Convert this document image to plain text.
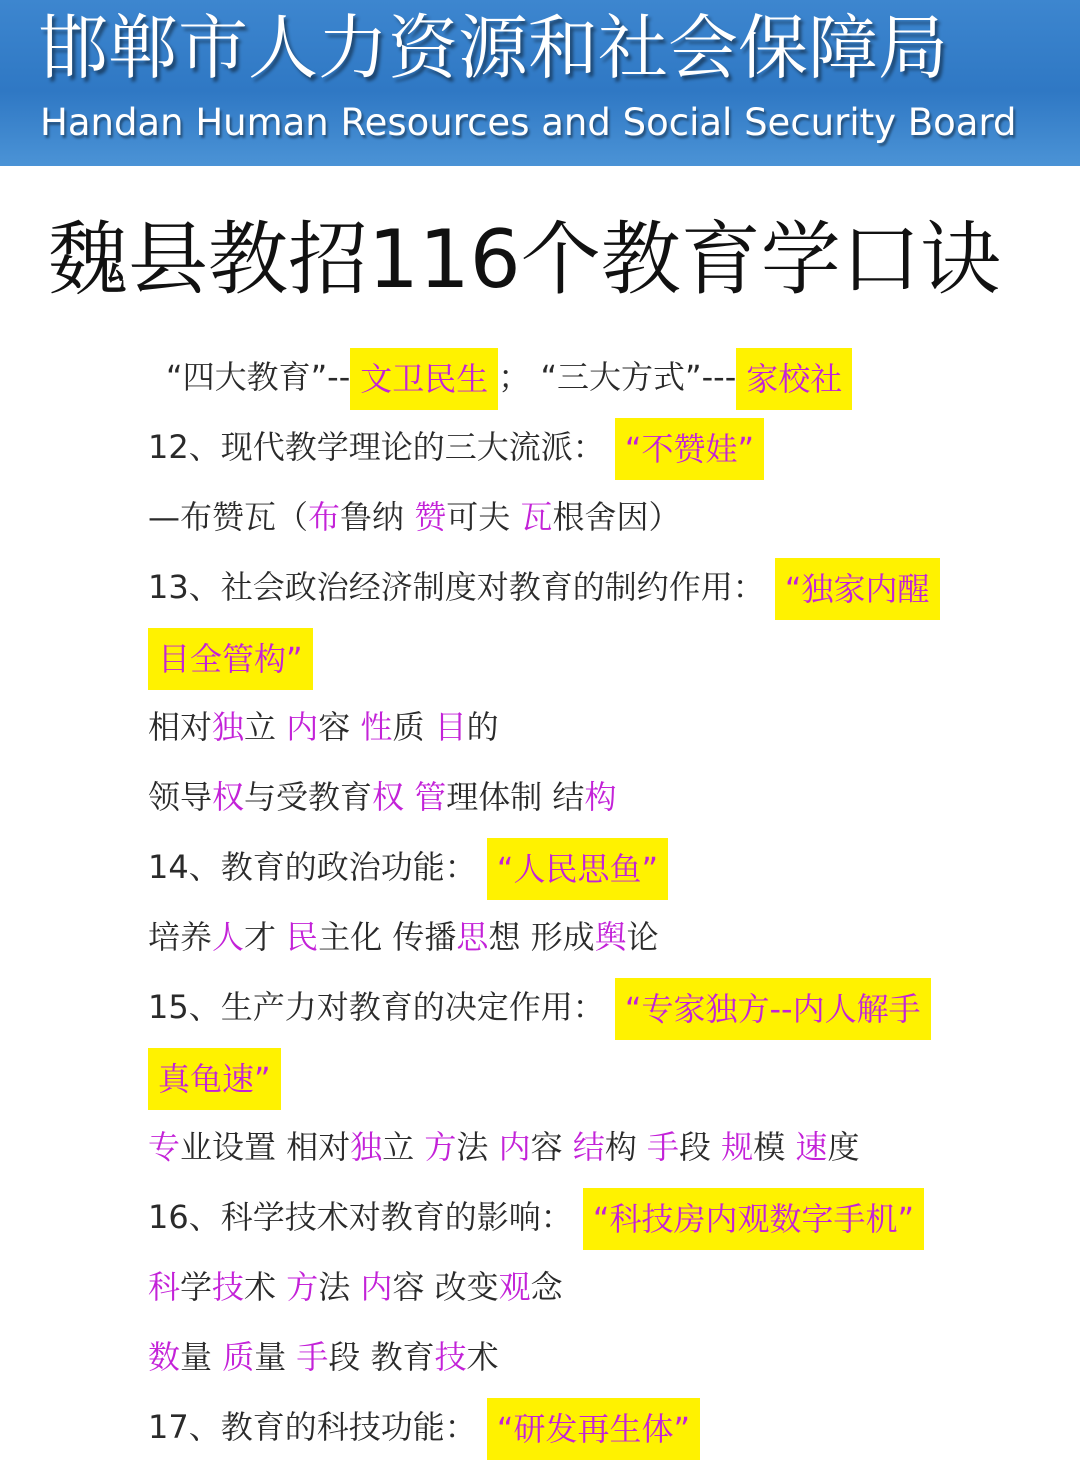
邯郸市人力资源和社会保障局
Handan Human Resources and Social Security Board
魏县教招116个教育学口诀
“四大教育”-- 文卫民生 ； “三大方式”--- 家校社
12、现代教学理论的三大流派： “不赞娃”
—布赞瓦（布鲁纳 赞可夫 瓦根舍因）
13、社会政治经济制度对教育的制约作用： “独家内醒
目全管构”
相对独立 内容 性质 目的
领导权与受教育权 管理体制 结构
14、教育的政治功能： “人民思鱼”
培养人才 民主化 传播思想 形成舆论
15、生产力对教育的决定作用： “专家独方--内人解手
真龟速”
专业设置 相对独立 方法 内容 结构 手段 规模 速度
16、科学技术对教育的影响： “科技房内观数字手机”
科学技术 方法 内容 改变观念
数量 质量 手段 教育技术
17、教育的科技功能： “研发再生体”
